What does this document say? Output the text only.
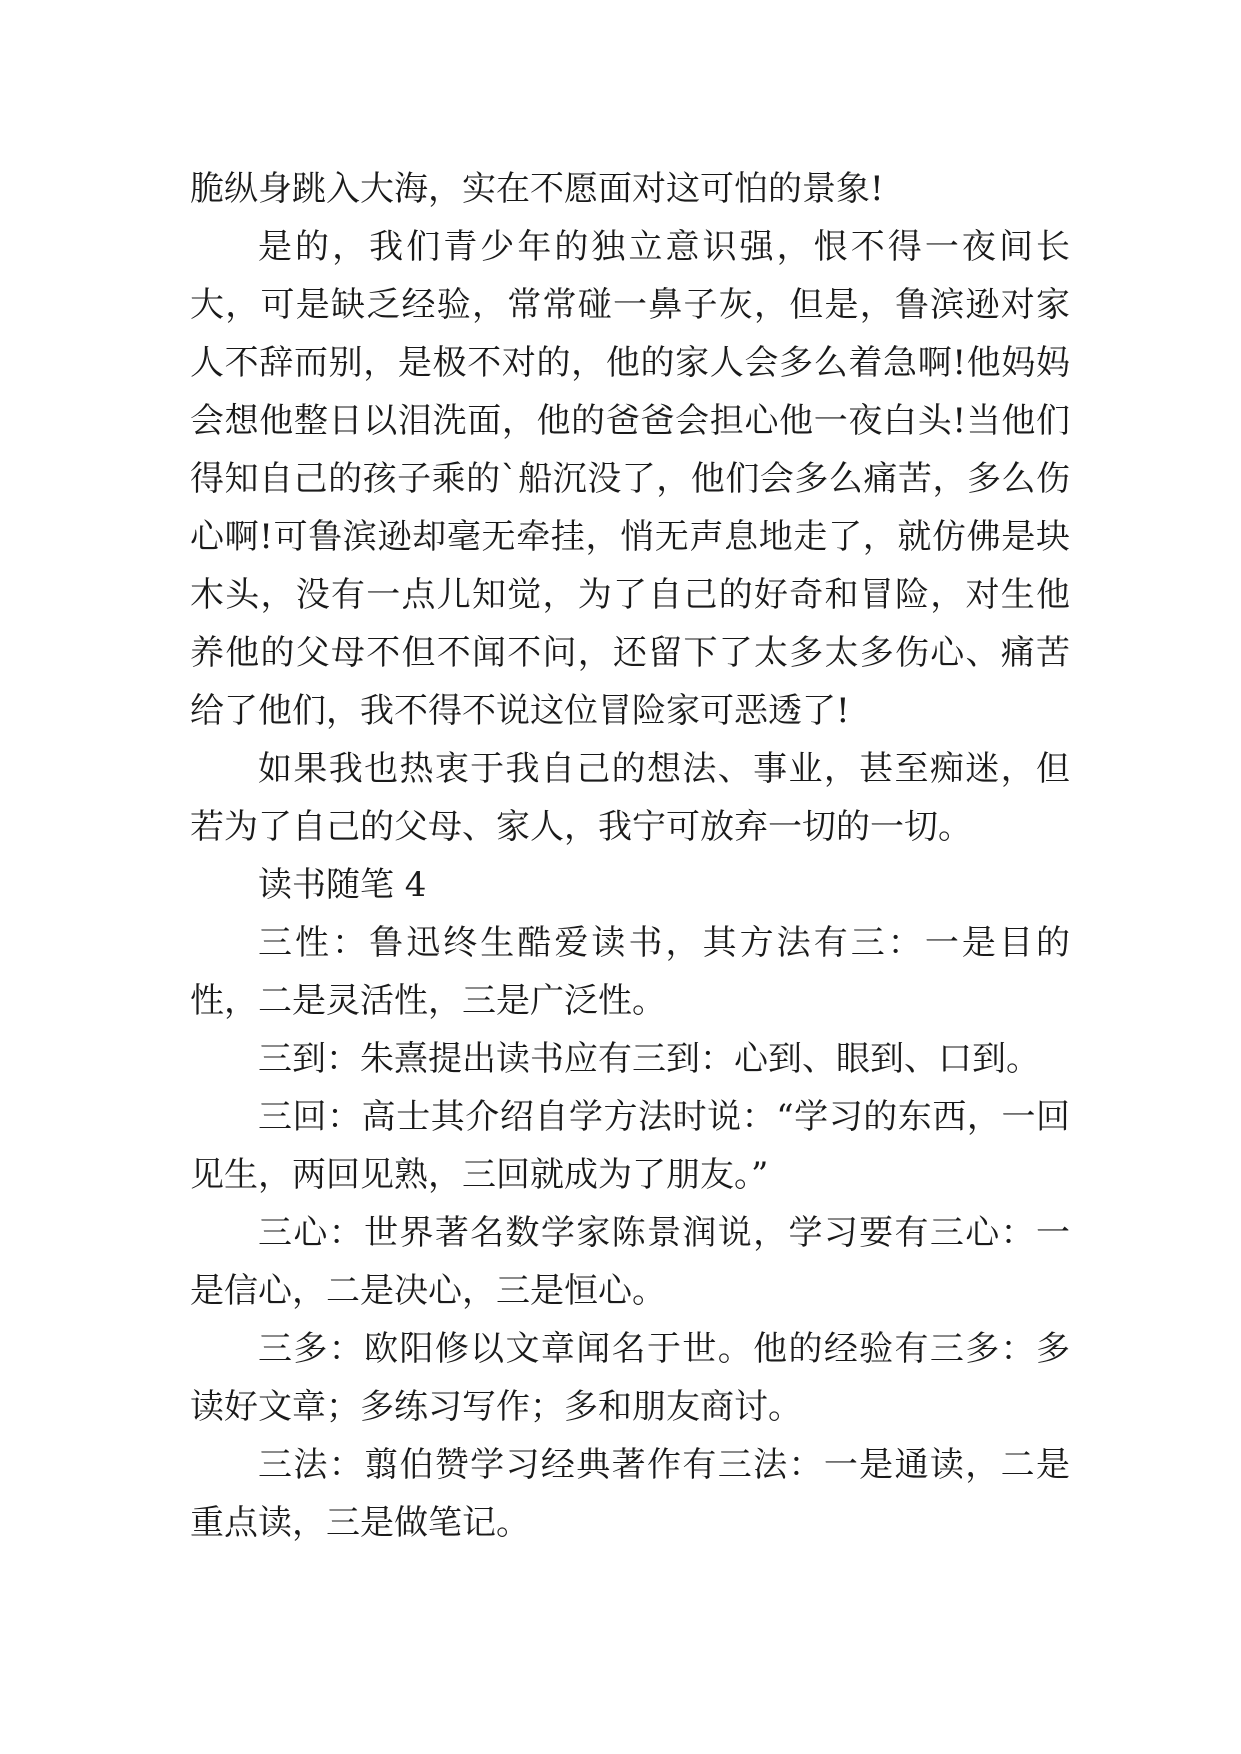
脆纵身跳入大海，实在不愿面对这可怕的景象!

是的，我们青少年的独立意识强，恨不得一夜间长大，可是缺乏经验，常常碰一鼻子灰，但是，鲁滨逊对家人不辞而别，是极不对的，他的家人会多么着急啊!他妈妈会想他整日以泪洗面，他的爸爸会担心他一夜白头!当他们得知自己的孩子乘的`船沉没了，他们会多么痛苦，多么伤心啊!可鲁滨逊却毫无牵挂，悄无声息地走了，就仿佛是块木头，没有一点儿知觉，为了自己的好奇和冒险，对生他养他的父母不但不闻不问，还留下了太多太多伤心、痛苦给了他们，我不得不说这位冒险家可恶透了!

如果我也热衷于我自己的想法、事业，甚至痴迷，但若为了自己的父母、家人，我宁可放弃一切的一切。

读书随笔 4

三性：鲁迅终生酷爱读书，其方法有三：一是目的性，二是灵活性，三是广泛性。

三到：朱熹提出读书应有三到：心到、眼到、口到。

三回：高士其介绍自学方法时说：“学习的东西，一回见生，两回见熟，三回就成为了朋友。”

三心：世界著名数学家陈景润说，学习要有三心：一是信心，二是决心，三是恒心。

三多：欧阳修以文章闻名于世。他的经验有三多：多读好文章；多练习写作；多和朋友商讨。

三法：翦伯赞学习经典著作有三法：一是通读，二是重点读，三是做笔记。
